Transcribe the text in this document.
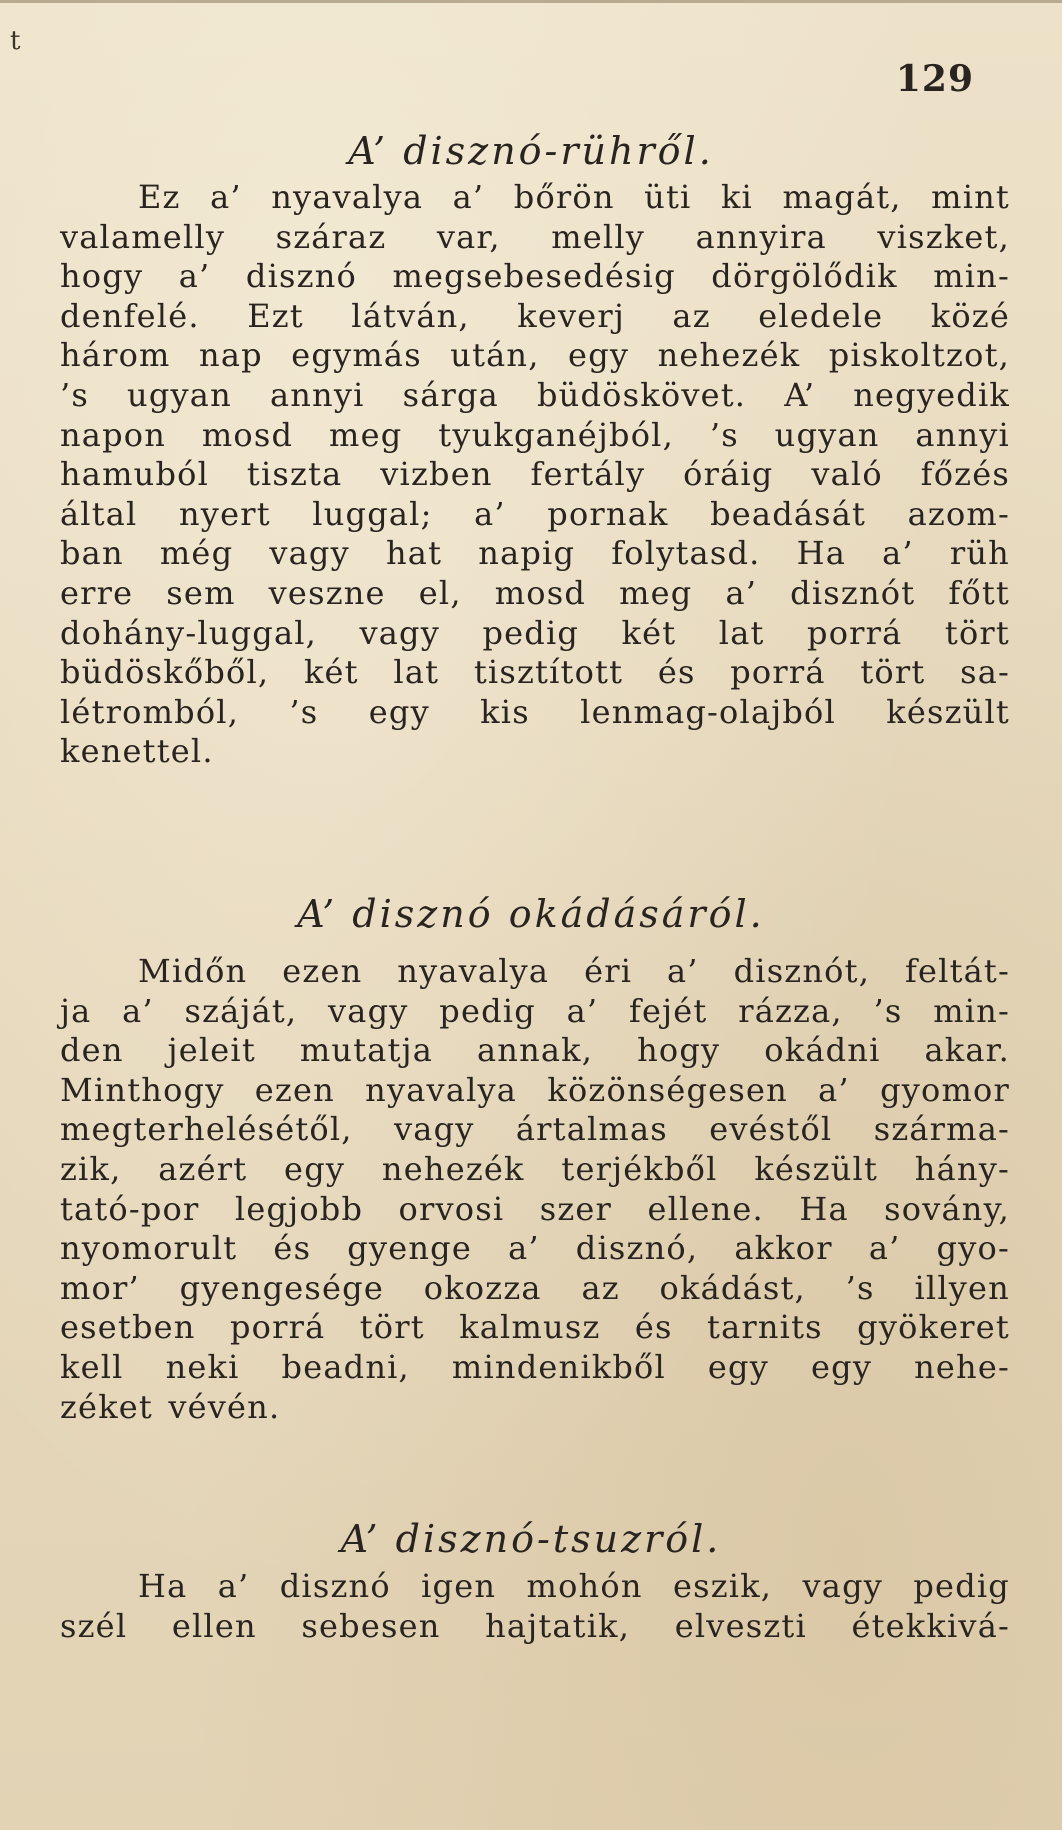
t
129
A’ disznó-rühről.
Ez a’ nyavalya a’ bőrön üti ki magát, mint
valamelly száraz var, melly annyira viszket,
hogy a’ disznó megsebesedésig dörgölődik min-
denfelé. Ezt látván, keverj az eledele közé
három nap egymás után, egy nehezék piskoltzot,
’s ugyan annyi sárga büdöskövet. A’ negyedik
napon mosd meg tyukganéjból, ’s ugyan annyi
hamuból tiszta vizben fertály óráig való főzés
által nyert luggal; a’ pornak beadását azom-
ban még vagy hat napig folytasd. Ha a’ rüh
erre sem veszne el, mosd meg a’ disznót főtt
dohány-luggal, vagy pedig két lat porrá tört
büdöskőből, két lat tisztított és porrá tört sa-
létromból, ’s egy kis lenmag-olajból készült
kenettel.
A’ disznó okádásáról.
Midőn ezen nyavalya éri a’ disznót, feltát-
ja a’ száját, vagy pedig a’ fejét rázza, ’s min-
den jeleit mutatja annak, hogy okádni akar.
Minthogy ezen nyavalya közönségesen a’ gyomor
megterhelésétől, vagy ártalmas evéstől szárma-
zik, azért egy nehezék terjékből készült hány-
tató-por legjobb orvosi szer ellene. Ha sovány,
nyomorult és gyenge a’ disznó, akkor a’ gyo-
mor’ gyengesége okozza az okádást, ’s illyen
esetben porrá tört kalmusz és tarnits gyökeret
kell neki beadni, mindenikből egy egy nehe-
zéket vévén.
A’ disznó-tsuzról.
Ha a’ disznó igen mohón eszik, vagy pedig
szél ellen sebesen hajtatik, elveszti étekkivá-
